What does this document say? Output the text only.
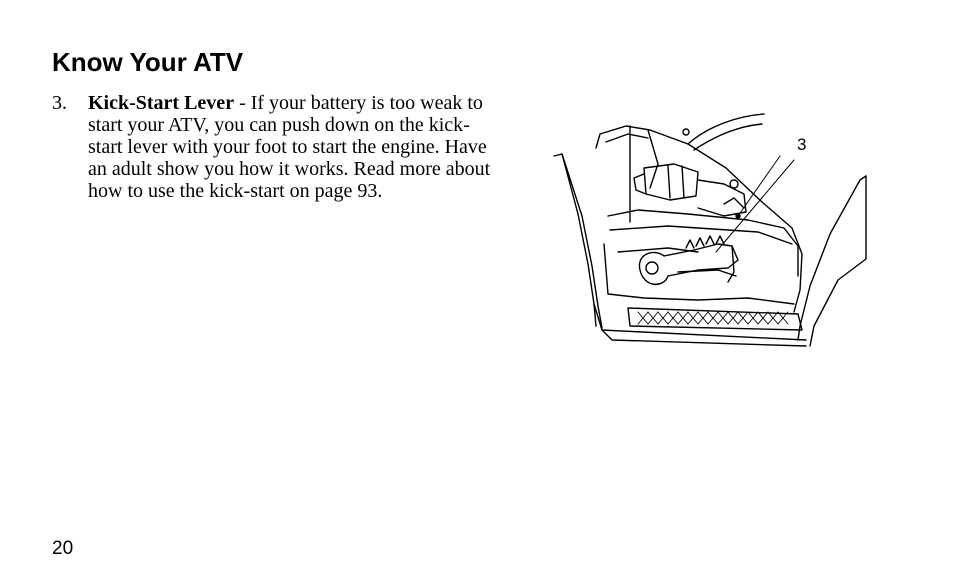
Know Your ATV
3. Kick-Start Lever - If your battery is too weak to start your ATV, you can push down on the kick-start lever with your foot to start the engine. Have an adult show you how it works. Read more about how to use the kick-start on page 93.
3
20
